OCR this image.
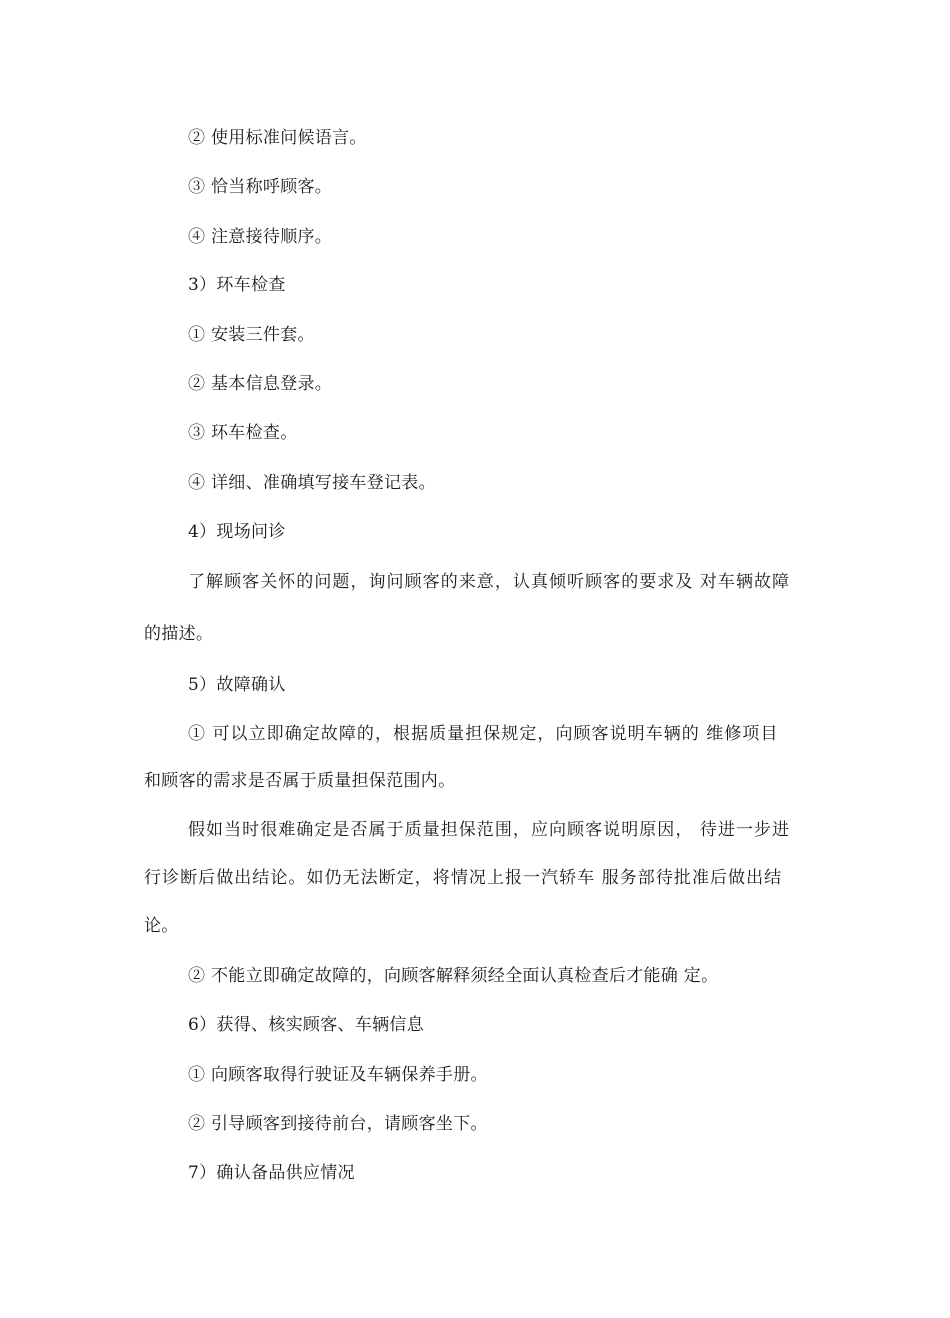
② 使用标准问候语言。
③ 恰当称呼顾客。
④ 注意接待顺序。
3）环车检查
① 安装三件套。
② 基本信息登录。
③ 环车检查。
④ 详细、准确填写接车登记表。
4）现场问诊
了解顾客关怀的问题，询问顾客的来意，认真倾听顾客的要求及 对车辆故障
的描述。
5）故障确认
① 可以立即确定故障的，根据质量担保规定，向顾客说明车辆的 维修项目
和顾客的需求是否属于质量担保范围内。
假如当时很难确定是否属于质量担保范围，应向顾客说明原因， 待进一步进
行诊断后做出结论。如仍无法断定，将情况上报一汽轿车 服务部待批准后做出结
论。
② 不能立即确定故障的，向顾客解释须经全面认真检查后才能确 定。
6）获得、核实顾客、车辆信息
① 向顾客取得行驶证及车辆保养手册。
② 引导顾客到接待前台，请顾客坐下。
7）确认备品供应情况
